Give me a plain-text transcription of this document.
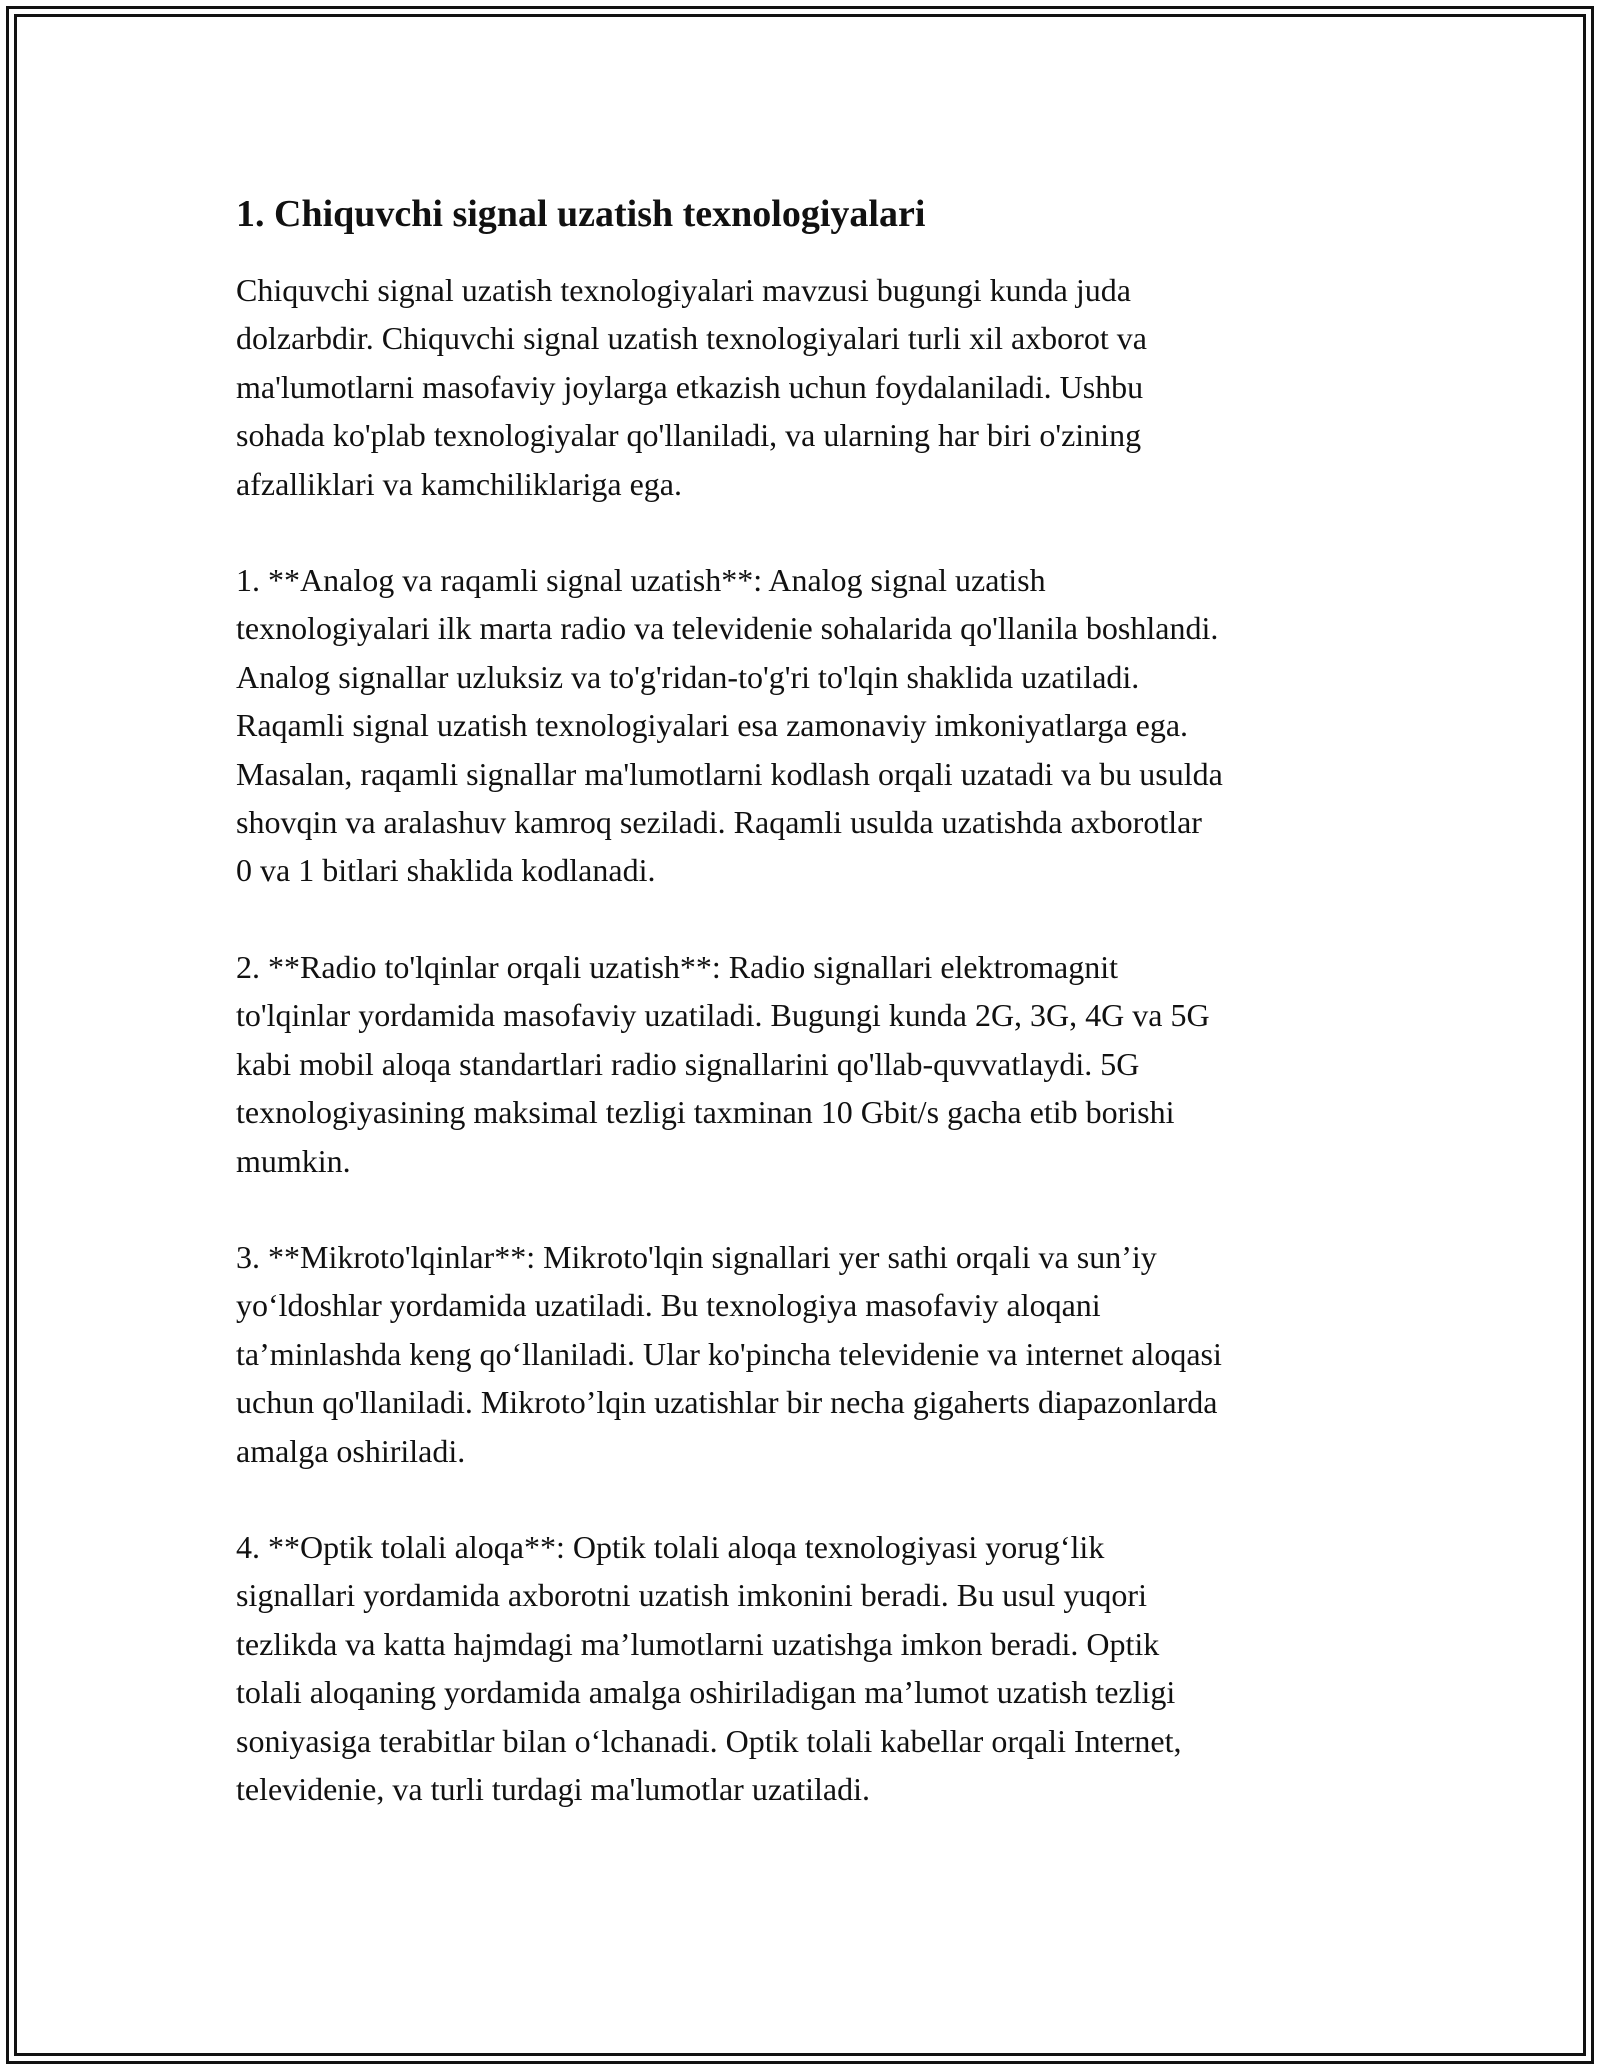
1. Chiquvchi signal uzatish texnologiyalari
Chiquvchi signal uzatish texnologiyalari mavzusi bugungi kunda juda
dolzarbdir. Chiquvchi signal uzatish texnologiyalari turli xil axborot va
ma'lumotlarni masofaviy joylarga etkazish uchun foydalaniladi. Ushbu
sohada ko'plab texnologiyalar qo'llaniladi, va ularning har biri o'zining
afzalliklari va kamchiliklariga ega.
1. **Analog va raqamli signal uzatish**: Analog signal uzatish
texnologiyalari ilk marta radio va televidenie sohalarida qo'llanila boshlandi.
Analog signallar uzluksiz va to'g'ridan-to'g'ri to'lqin shaklida uzatiladi.
Raqamli signal uzatish texnologiyalari esa zamonaviy imkoniyatlarga ega.
Masalan, raqamli signallar ma'lumotlarni kodlash orqali uzatadi va bu usulda
shovqin va aralashuv kamroq seziladi. Raqamli usulda uzatishda axborotlar
0 va 1 bitlari shaklida kodlanadi.
2. **Radio to'lqinlar orqali uzatish**: Radio signallari elektromagnit
to'lqinlar yordamida masofaviy uzatiladi. Bugungi kunda 2G, 3G, 4G va 5G
kabi mobil aloqa standartlari radio signallarini qo'llab-quvvatlaydi. 5G
texnologiyasining maksimal tezligi taxminan 10 Gbit/s gacha etib borishi
mumkin.
3. **Mikroto'lqinlar**: Mikroto'lqin signallari yer sathi orqali va sun’iy
yo‘ldoshlar yordamida uzatiladi. Bu texnologiya masofaviy aloqani
ta’minlashda keng qo‘llaniladi. Ular ko'pincha televidenie va internet aloqasi
uchun qo'llaniladi. Mikroto’lqin uzatishlar bir necha gigaherts diapazonlarda
amalga oshiriladi.
4. **Optik tolali aloqa**: Optik tolali aloqa texnologiyasi yorug‘lik
signallari yordamida axborotni uzatish imkonini beradi. Bu usul yuqori
tezlikda va katta hajmdagi ma’lumotlarni uzatishga imkon beradi. Optik
tolali aloqaning yordamida amalga oshiriladigan ma’lumot uzatish tezligi
soniyasiga terabitlar bilan o‘lchanadi. Optik tolali kabellar orqali Internet,
televidenie, va turli turdagi ma'lumotlar uzatiladi.
